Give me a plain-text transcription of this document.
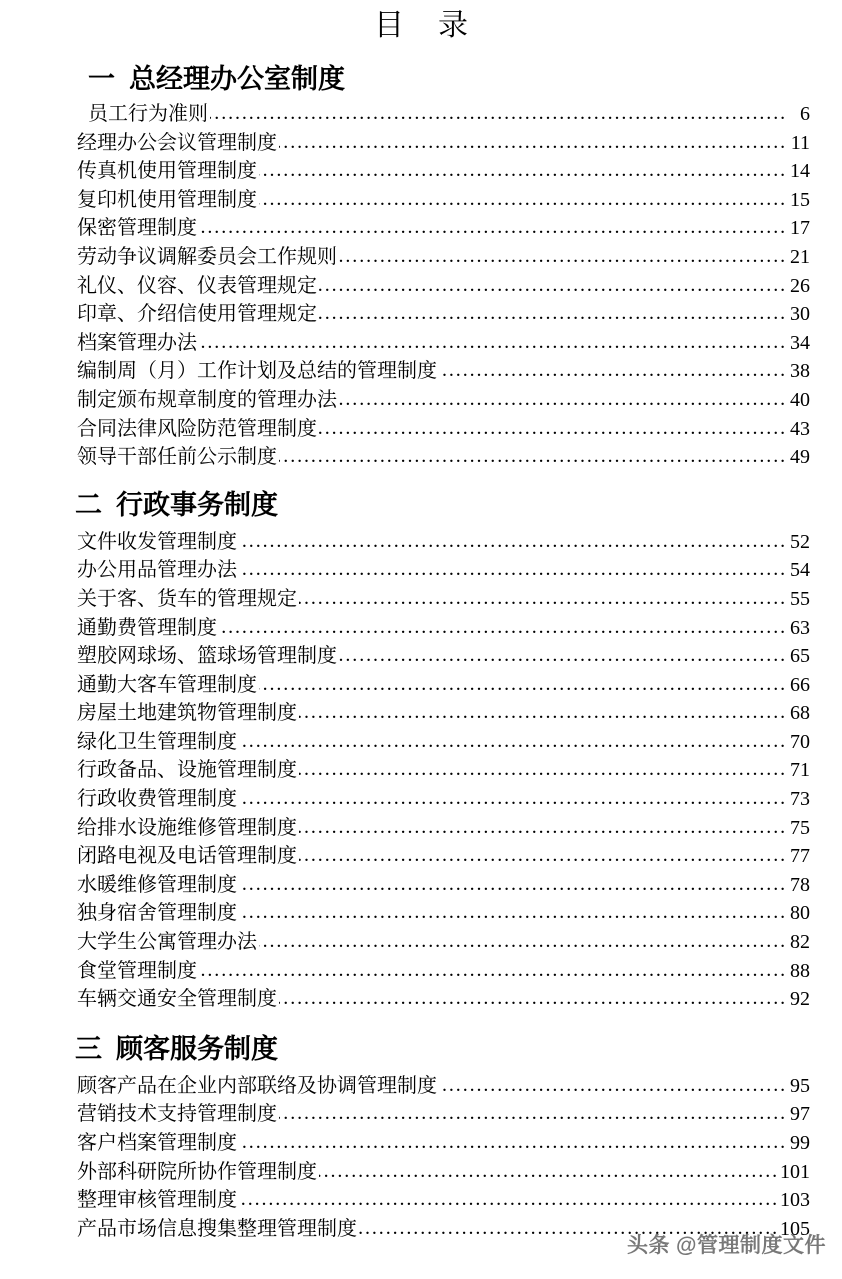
目 录
一 总经理办公室制度
员工行为准则 .....	6
经理办公会议管理制度 .....	11
传真机使用管理制度 .....	14
复印机使用管理制度 .....	15
保密管理制度 .....	17
劳动争议调解委员会工作规则 .....	21
礼仪、仪容、仪表管理规定 .....	26
印章、介绍信使用管理规定 .....	30
档案管理办法 .....	34
编制周（月）工作计划及总结的管理制度 .....	38
制定颁布规章制度的管理办法 .....	40
合同法律风险防范管理制度 .....	43
领导干部任前公示制度 .....	49
二 行政事务制度
文件收发管理制度 .....	52
办公用品管理办法 .....	54
关于客、货车的管理规定 .....	55
通勤费管理制度 .....	63
塑胶网球场、篮球场管理制度 .....	65
通勤大客车管理制度 .....	66
房屋土地建筑物管理制度 .....	68
绿化卫生管理制度 .....	70
行政备品、设施管理制度 .....	71
行政收费管理制度 .....	73
给排水设施维修管理制度 .....	75
闭路电视及电话管理制度 .....	77
水暖维修管理制度 .....	78
独身宿舍管理制度 .....	80
大学生公寓管理办法 .....	82
食堂管理制度 .....	88
车辆交通安全管理制度 .....	92
三 顾客服务制度
顾客产品在企业内部联络及协调管理制度 .....	95
营销技术支持管理制度 .....	97
客户档案管理制度 .....	99
外部科研院所协作管理制度 .....	101
整理审核管理制度 .....	103
产品市场信息搜集整理管理制度 .....	105
头条 @管理制度文件
